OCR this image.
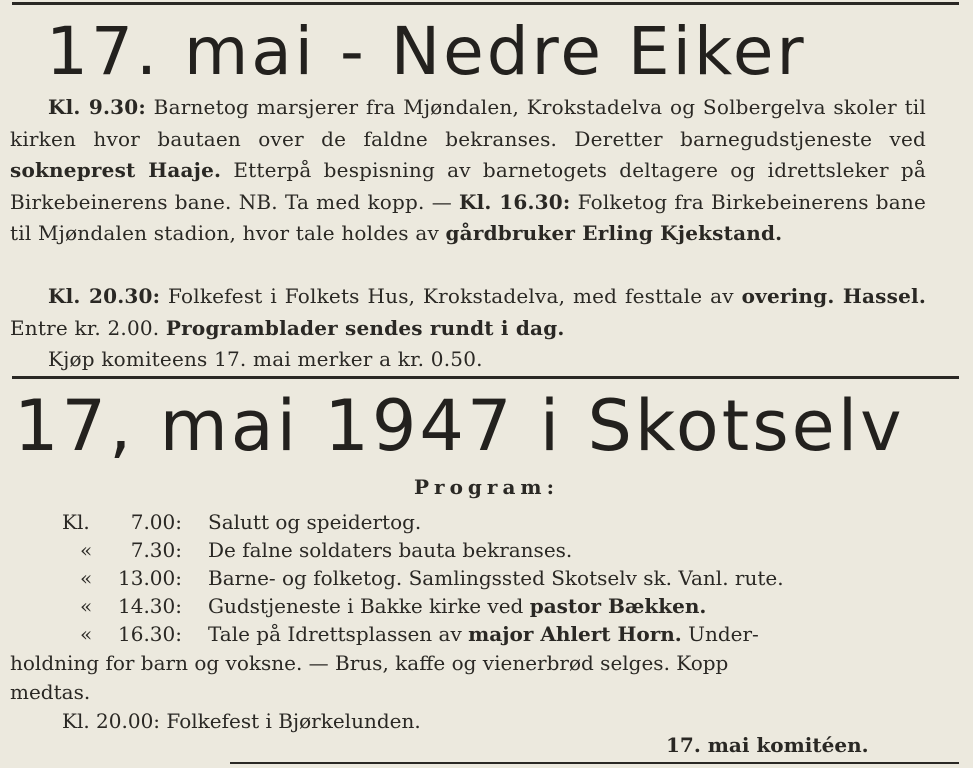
17. mai - Nedre Eiker
Kl. 9.30: Barnetog marsjerer fra Mjøndalen, Krokstadelva og Solbergelva skoler til kirken hvor bautaen over de faldne bekranses. Deretter barnegudstjeneste ved sokneprest Haaje. Etterpå bespisning av barnetogets deltagere og idrettsleker på Birkebeinerens bane. NB. Ta med kopp. — Kl. 16.30: Folketog fra Birkebeinerens bane til Mjøndalen stadion, hvor tale holdes av gårdbruker Erling Kjekstand.
Kl. 20.30: Folkefest i Folkets Hus, Krokstadelva, med festtale av overing. Hassel. Entre kr. 2.00. Programblader sendes rundt i dag.
Kjøp komiteens 17. mai merker a kr. 0.50.
17, mai 1947 i Skotselv
Program:
Kl. 7.00: Salutt og speidertog.
« 7.30: De falne soldaters bauta bekranses.
« 13.00: Barne- og folketog. Samlingssted Skotselv sk. Vanl. rute.
« 14.30: Gudstjeneste i Bakke kirke ved pastor Bækken.
« 16.30: Tale på Idrettsplassen av major Ahlert Horn. Under-
holdning for barn og voksne. — Brus, kaffe og vienerbrød selges. Kopp
medtas.
Kl. 20.00: Folkefest i Bjørkelunden.
17. mai komitéen.
